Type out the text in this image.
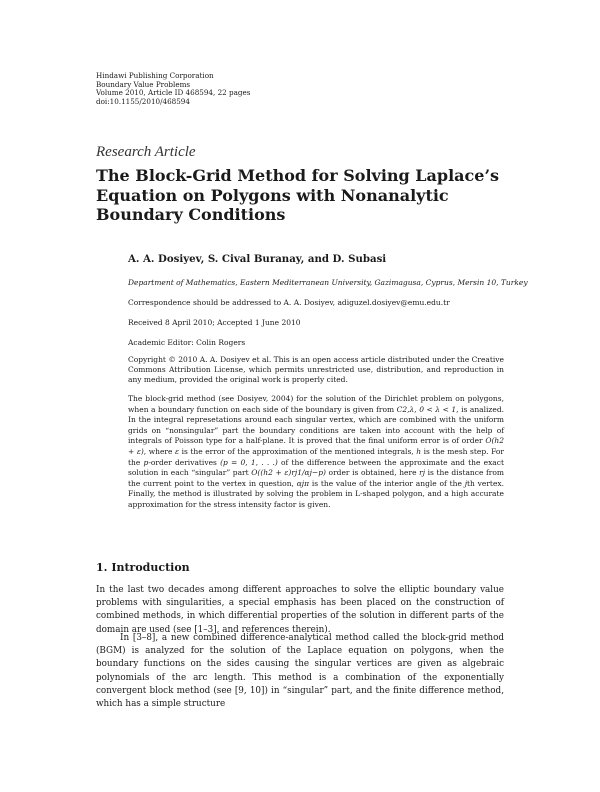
Hindawi Publishing Corporation
Boundary Value Problems
Volume 2010, Article ID 468594, 22 pages
doi:10.1155/2010/468594
Research Article
The Block-Grid Method for Solving Laplace’s
Equation on Polygons with Nonanalytic
Boundary Conditions
A. A. Dosiyev, S. Cival Buranay, and D. Subasi
Department of Mathematics, Eastern Mediterranean University, Gazimagusa, Cyprus, Mersin 10, Turkey
Correspondence should be addressed to A. A. Dosiyev, adiguzel.dosiyev@emu.edu.tr
Received 8 April 2010; Accepted 1 June 2010
Academic Editor: Colin Rogers
Copyright © 2010 A. A. Dosiyev et al. This is an open access article distributed under the Creative Commons Attribution License, which permits unrestricted use, distribution, and reproduction in any medium, provided the original work is properly cited.
The block-grid method (see Dosiyev, 2004) for the solution of the Dirichlet problem on polygons, when a boundary function on each side of the boundary is given from C2,λ, 0 < λ < 1, is analized. In the integral represetations around each singular vertex, which are combined with the uniform grids on “nonsingular” part the boundary conditions are taken into account with the help of integrals of Poisson type for a half-plane. It is proved that the final uniform error is of order O(h2 + ε), where ε is the error of the approximation of the mentioned integrals, h is the mesh step. For the p-order derivatives (p = 0, 1, . . .) of the difference between the approximate and the exact solution in each “singular” part O((h2 + ε)rj1/αj−p) order is obtained, here rj is the distance from the current point to the vertex in question, αjπ is the value of the interior angle of the jth vertex. Finally, the method is illustrated by solving the problem in L-shaped polygon, and a high accurate approximation for the stress intensity factor is given.
1. Introduction
In the last two decades among different approaches to solve the elliptic boundary value problems with singularities, a special emphasis has been placed on the construction of combined methods, in which differential properties of the solution in different parts of the domain are used (see [1–3], and references therein).
In [3–8], a new combined difference-analytical method called the block-grid method (BGM) is analyzed for the solution of the Laplace equation on polygons, when the boundary functions on the sides causing the singular vertices are given as algebraic polynomials of the arc length. This method is a combination of the exponentially convergent block method (see [9, 10]) in “singular” part, and the finite difference method, which has a simple structure
